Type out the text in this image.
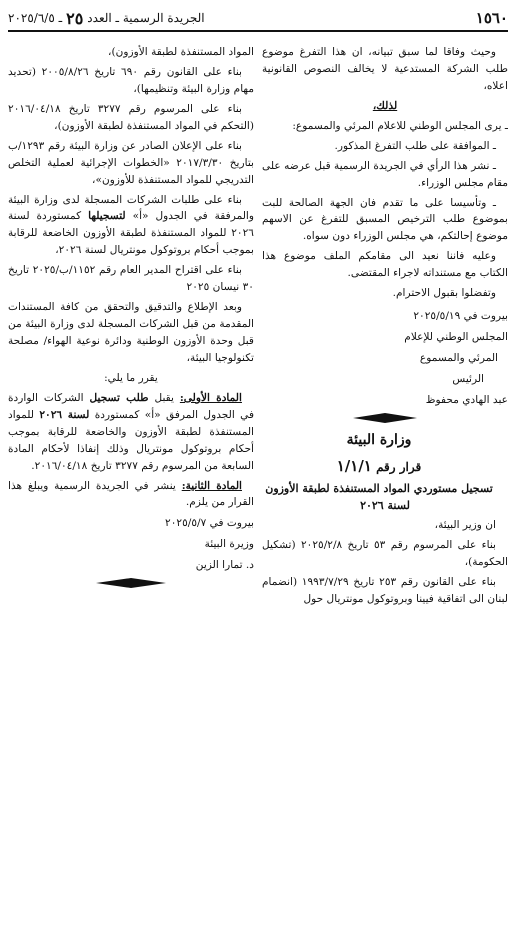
١٥٦٠
الجريدة الرسمية ـ العدد
٢٥
ـ ٢٠٢٥/٦/٥

وحيث وفاقا لما سبق تبيانه، ان هذا التفرغ موضوع طلب الشركة المستدعية لا يخالف النصوص القانونية اعلاه،

لذلك،

ـ يرى المجلس الوطني للاعلام المرئي والمسموع:

ـ الموافقة على طلب التفرغ المذكور.

ـ نشر هذا الرأي في الجريدة الرسمية قبل عرضه على مقام مجلس الوزراء.

ـ وتأسيسا على ما تقدم فان الجهة الصالحة للبت بموضوع طلب الترخيص المسبق للتفرغ عن الاسهم موضوع إحالتكم، هي مجلس الوزراء دون سواه.

وعليه فاننا نعيد الى مقامكم الملف موضوع هذا الكتاب مع مستنداته لاجراء المقتضى.

وتفضلوا بقبول الاحترام.

بيروت في ٢٠٢٥/٥/١٩

المجلس الوطني للإعلام

المرئي والمسموع

الرئيس

عبد الهادي محفوظ

وزارة البيئة

قرار رقم ١/١/١

تسجيل مستوردي المواد المستنفذة لطبقة الأوزون لسنة ٢٠٢٦

ان وزير البيئة،

بناء على المرسوم رقم ٥٣ تاريخ ٢٠٢٥/٢/٨ (تشكيل الحكومة)،

بناء على القانون رقم ٢٥٣ تاريخ ١٩٩٣/٧/٢٩ (انضمام لبنان الى اتفاقية فيينا وبروتوكول مونتريال حول

المواد المستنفذة لطبقة الأوزون)،

بناء على القانون رقم ٦٩٠ تاريخ ٢٠٠٥/٨/٢٦ (تحديد مهام وزارة البيئة وتنظيمها)،

بناء على المرسوم رقم ٣٢٧٧ تاريخ ٢٠١٦/٠٤/١٨ (التحكم في المواد المستنفذة لطبقة الأوزون)،

بناء على الإعلان الصادر عن وزارة البيئة رقم ١٢٩٣/ب بتاريخ ٢٠١٧/٣/٣٠ «الخطوات الإجرائية لعملية التخلص التدريجي للمواد المستنفذة للأوزون»،

بناء على طلبات الشركات المسجلة لدى وزارة البيئة والمرفقة في الجدول «أ» لتسجيلها كمستوردة لسنة ٢٠٢٦ للمواد المستنفذة لطبقة الأوزون الخاضعة للرقابة بموجب أحكام بروتوكول مونتريال لسنة ٢٠٢٦،

بناء على اقتراح المدير العام رقم ١١٥٢/ب/٢٠٢٥ تاريخ ٣٠ نيسان ٢٠٢٥

وبعد الإطلاع والتدقيق والتحقق من كافة المستندات المقدمة من قبل الشركات المسجلة لدى وزارة البيئة من قبل وحدة الأوزون الوطنية ودائرة نوعية الهواء/ مصلحة تكنولوجيا البيئة،

يقرر ما يلي:

المادة الأولى: يقبل طلب تسجيل الشركات الواردة في الجدول المرفق «أ» كمستوردة لسنة ٢٠٢٦ للمواد المستنفذة لطبقة الأوزون والخاضعة للرقابة بموجب أحكام بروتوكول مونتريال وذلك إنفاذا لأحكام المادة السابعة من المرسوم رقم ٣٢٧٧ تاريخ ٢٠١٦/٠٤/١٨.

المادة الثانية: ينشر في الجريدة الرسمية ويبلغ هذا القرار من يلزم.

بيروت في ٢٠٢٥/٥/٧

وزيرة البيئة

د. تمارا الزين
